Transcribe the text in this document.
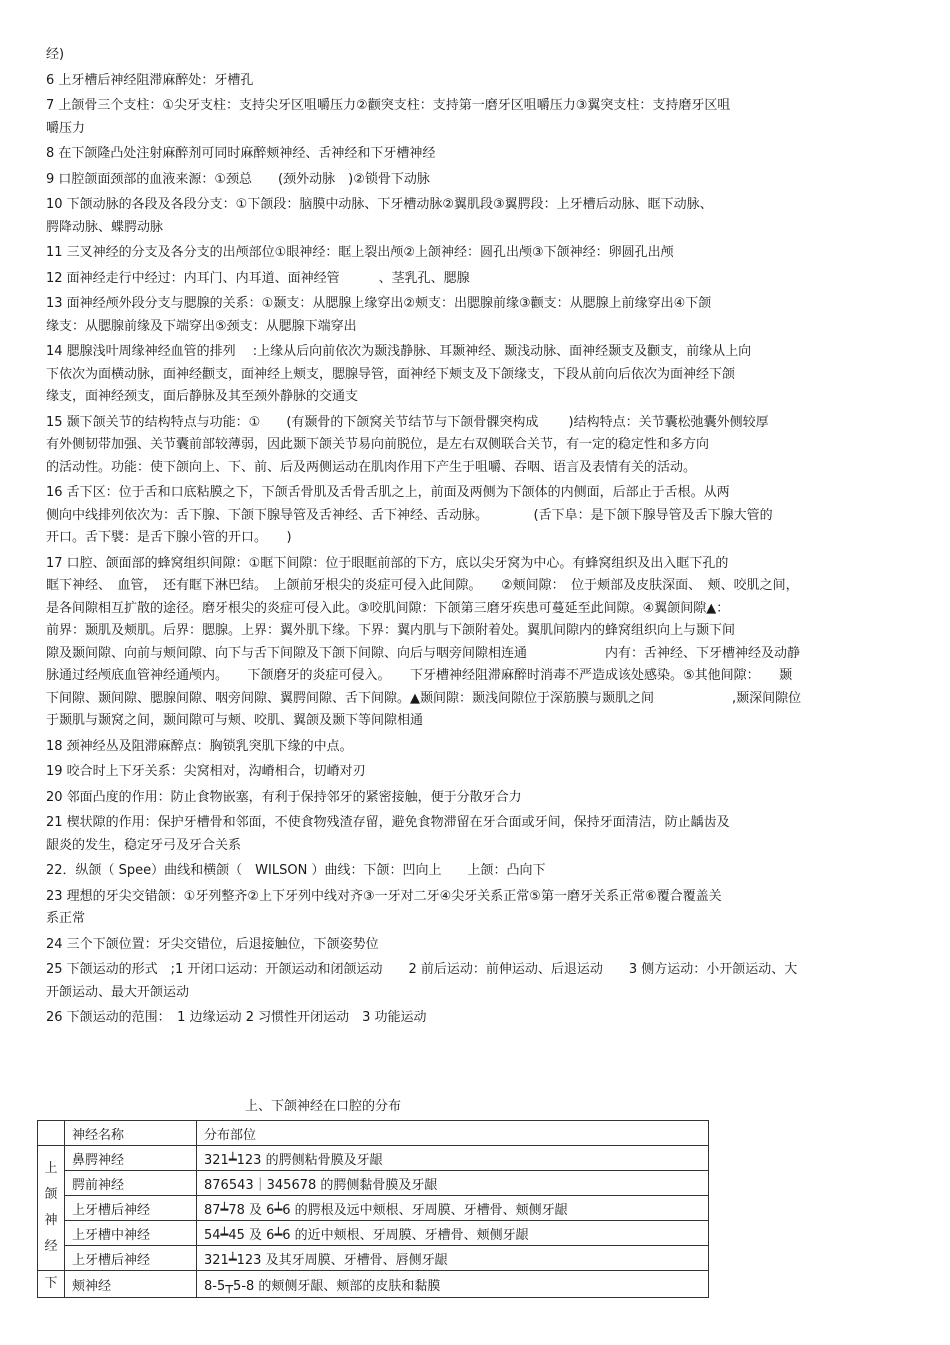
经)
6 上牙槽后神经阻滞麻醉处：牙槽孔
7 上颌骨三个支柱：①尖牙支柱：支持尖牙区咀嚼压力②颧突支柱：支持第一磨牙区咀嚼压力③翼突支柱：支持磨牙区咀
嚼压力
8 在下颌隆凸处注射麻醉剂可同时麻醉颊神经、舌神经和下牙槽神经
9 口腔颌面颈部的血液来源：①颈总　　(颈外动脉　)②锁骨下动脉
10 下颌动脉的各段及各段分支：①下颌段：脑膜中动脉、下牙槽动脉②翼肌段③翼腭段：上牙槽后动脉、眶下动脉、
腭降动脉、蝶腭动脉
11 三叉神经的分支及各分支的出颅部位①眼神经：眶上裂出颅②上颌神经：圆孔出颅③下颌神经：卵圆孔出颅
12 面神经走行中经过：内耳门、内耳道、面神经管　　　、茎乳孔、腮腺
13 面神经颅外段分支与腮腺的关系：①颞支：从腮腺上缘穿出②颊支：出腮腺前缘③颧支：从腮腺上前缘穿出④下颌
缘支：从腮腺前缘及下端穿出⑤颈支：从腮腺下端穿出
14 腮腺浅叶周缘神经血管的排列　 :上缘从后向前依次为颞浅静脉、耳颞神经、颞浅动脉、面神经颞支及颧支，前缘从上向
下依次为面横动脉，面神经颧支，面神经上颊支，腮腺导管，面神经下颊支及下颌缘支，下段从前向后依次为面神经下颌
缘支，面神经颈支，面后静脉及其至颈外静脉的交通支
15 颞下颌关节的结构特点与功能：①　　(有颞骨的下颌窝关节结节与下颌骨髁突构成　　 )结构特点：关节囊松弛囊外侧较厚
有外侧韧带加强、关节囊前部较薄弱，因此颞下颌关节易向前脱位，是左右双侧联合关节，有一定的稳定性和多方向
的活动性。功能：使下颌向上、下、前、后及两侧运动在肌肉作用下产生于咀嚼、吞咽、语言及表情有关的活动。
16 舌下区：位于舌和口底粘膜之下，下颌舌骨肌及舌骨舌肌之上，前面及两侧为下颌体的内侧面，后部止于舌根。从两
侧向中线排列依次为：舌下腺、下颌下腺导管及舌神经、舌下神经、舌动脉。　　　　(舌下阜：是下颌下腺导管及舌下腺大管的
开口。舌下襞：是舌下腺小管的开口。　　)
17 口腔、颌面部的蜂窝组织间隙：①眶下间隙：位于眼眶前部的下方，底以尖牙窝为中心。有蜂窝组织及出入眶下孔的
眶下神经、　血管，　还有眶下淋巴结。　上颌前牙根尖的炎症可侵入此间隙。　　②颊间隙：　位于颊部及皮肤深面、　颊、咬肌之间，
是各间隙相互扩散的途径。磨牙根尖的炎症可侵入此。③咬肌间隙：下颌第三磨牙疾患可蔓延至此间隙。④翼颌间隙▲：
前界：颞肌及颊肌。后界：腮腺。上界：翼外肌下缘。下界：翼内肌与下颌附着处。翼肌间隙内的蜂窝组织向上与颞下间
隙及颞间隙、向前与颊间隙、向下与舌下间隙及下颌下间隙、向后与咽旁间隙相连通　　　　　　内有：舌神经、下牙槽神经及动静
脉通过经颅底血管神经通颅内。　　下颌磨牙的炎症可侵入。　　下牙槽神经阻滞麻醉时消毒不严造成该处感染。⑤其他间隙：　　颞
下间隙、颞间隙、腮腺间隙、咽旁间隙、翼腭间隙、舌下间隙。▲颞间隙：颞浅间隙位于深筋膜与颞肌之间　　　　　　,颞深间隙位
于颞肌与颞窝之间，颞间隙可与颊、咬肌、翼颌及颞下等间隙相通
18 颈神经丛及阻滞麻醉点：胸锁乳突肌下缘的中点。
19 咬合时上下牙关系：尖窝相对，沟嵴相合，切嵴对刃
20 邻面凸度的作用：防止食物嵌塞，有利于保持邻牙的紧密接触，便于分散牙合力
21 楔状隙的作用：保护牙槽骨和邻面，不使食物残渣存留，避免食物滞留在牙合面或牙间，保持牙面清洁，防止龋齿及
龈炎的发生，稳定牙弓及牙合关系
22．纵颌（ Spee）曲线和横颌（　WILSON ）曲线：下颌：凹向上　　上颌：凸向下
23 理想的牙尖交错颌：①牙列整齐②上下牙列中线对齐③一牙对二牙④尖牙关系正常⑤第一磨牙关系正常⑥覆合覆盖关
系正常
24 三个下颌位置：牙尖交错位，后退接触位，下颌姿势位
25 下颌运动的形式　;1 开闭口运动：开颌运动和闭颌运动　　2 前后运动：前伸运动、后退运动　　3 侧方运动：小开颌运动、大
开颌运动、最大开颌运动
26 下颌运动的范围：　1 边缘运动 2 习惯性开闭运动　3 功能运动
上、下颌神经在口腔的分布
	神经名称	分布部位

上
颌
神
经	鼻腭神经	321┷123 的腭侧粘骨膜及牙龈
	腭前神经	876543｜345678 的腭侧黏骨膜及牙龈
	上牙槽后神经	87┷78 及 6┷6 的腭根及远中颊根、牙周膜、牙槽骨、颊侧牙龈
	上牙槽中神经	54┷45 及 6┷6 的近中颊根、牙周膜、牙槽骨、颊侧牙龈
	上牙槽后神经	321┷123 及其牙周膜、牙槽骨、唇侧牙龈
下	颊神经	8-5┬5-8 的颊侧牙龈、颊部的皮肤和黏膜
